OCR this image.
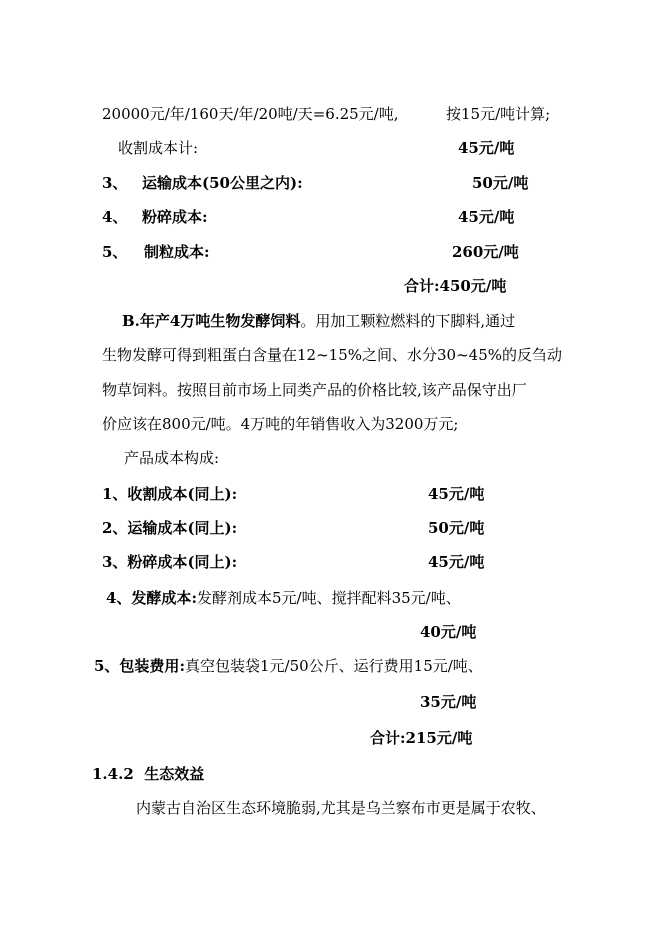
20000元/年/160天/年/20吨/天=6.25元/吨,	按15元/吨计算;
收割成本计:	45元/吨
3、 运输成本(50公里之内):	50元/吨
4、 粉碎成本:	45元/吨
5、 制粒成本:	260元/吨
合计:450元/吨
B.年产4万吨生物发酵饲料。用加工颗粒燃料的下脚料,通过
生物发酵可得到粗蛋白含量在12~15%之间、水分30~45%的反刍动
物草饲料。按照目前市场上同类产品的价格比较,该产品保守出厂
价应该在800元/吨。4万吨的年销售收入为3200万元;
产品成本构成:
1、收割成本(同上):	45元/吨
2、运输成本(同上):	50元/吨
3、粉碎成本(同上):	45元/吨
4、发酵成本:发酵剂成本5元/吨、搅拌配料35元/吨、
40元/吨
5、包装费用:真空包装袋1元/50公斤、运行费用15元/吨、
35元/吨
合计:215元/吨
1.4.2 生态效益
内蒙古自治区生态环境脆弱,尤其是乌兰察布市更是属于农牧、
